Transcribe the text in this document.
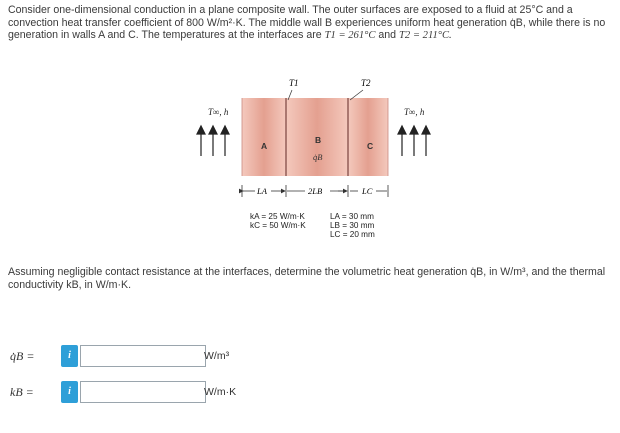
Consider one-dimensional conduction in a plane composite wall. The outer surfaces are exposed to a fluid at 25°C and a convection heat transfer coefficient of 800 W/m²·K. The middle wall B experiences uniform heat generation q̇B, while there is no generation in walls A and C. The temperatures at the interfaces are T1 = 261°C and T2 = 211°C.
T∞, h	T∞, h
T1	T2
A
B
q̇B
C
LA	2LB	LC
kA = 25 W/m·K
kC = 50 W/m·K
LA = 30 mm
LB = 30 mm
LC = 20 mm
Assuming negligible contact resistance at the interfaces, determine the volumetric heat generation q̇B, in W/m³, and the thermal conductivity kB, in W/m·K.
q̇B =	i	W/m³
kB =	i	W/m·K
